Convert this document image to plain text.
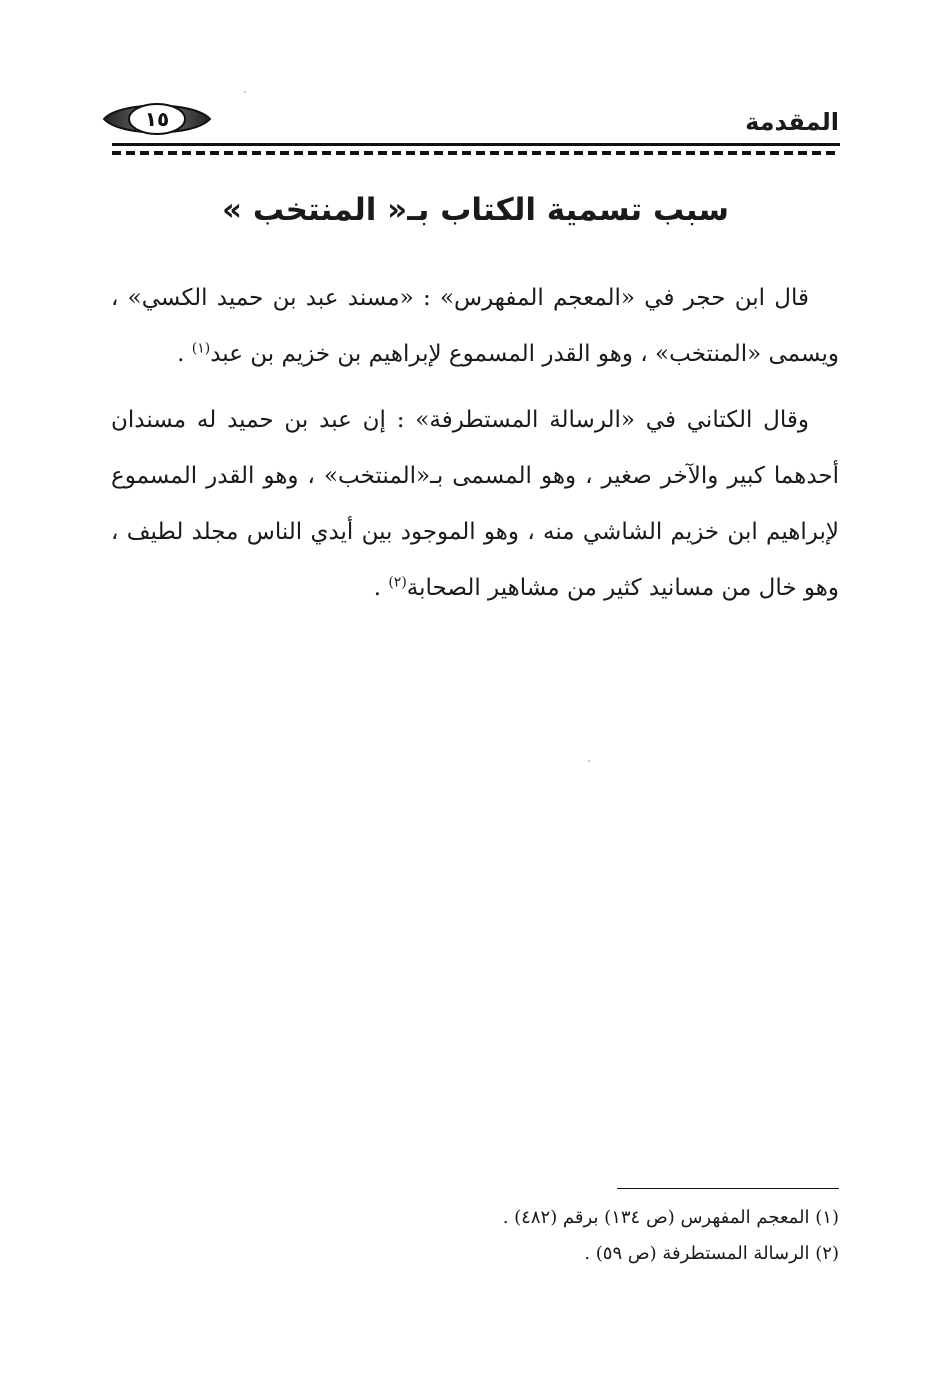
المقدمة
١٥
سبب تسمية الكتاب بـ« المنتخب »

قال ابن حجر في «المعجم المفهرس» : «مسند عبد بن حميد الكسي» ، ويسمى «المنتخب» ، وهو القدر المسموع لإبراهيم بن خزيم بن عبد$^{(١)}$ .

وقال الكتاني في «الرسالة المستطرفة» : إن عبد بن حميد له مسندان أحدهما كبير والآخر صغير ، وهو المسمى بـ«المنتخب» ، وهو القدر المسموع لإبراهيم ابن خزيم الشاشي منه ، وهو الموجود بين أيدي الناس مجلد لطيف ، وهو خال من مسانيد كثير من مشاهير الصحابة$^{(٢)}$ .

(١) المعجم المفهرس (ص ١٣٤) برقم (٤٨٢) .
(٢) الرسالة المستطرفة (ص ٥٩) .
